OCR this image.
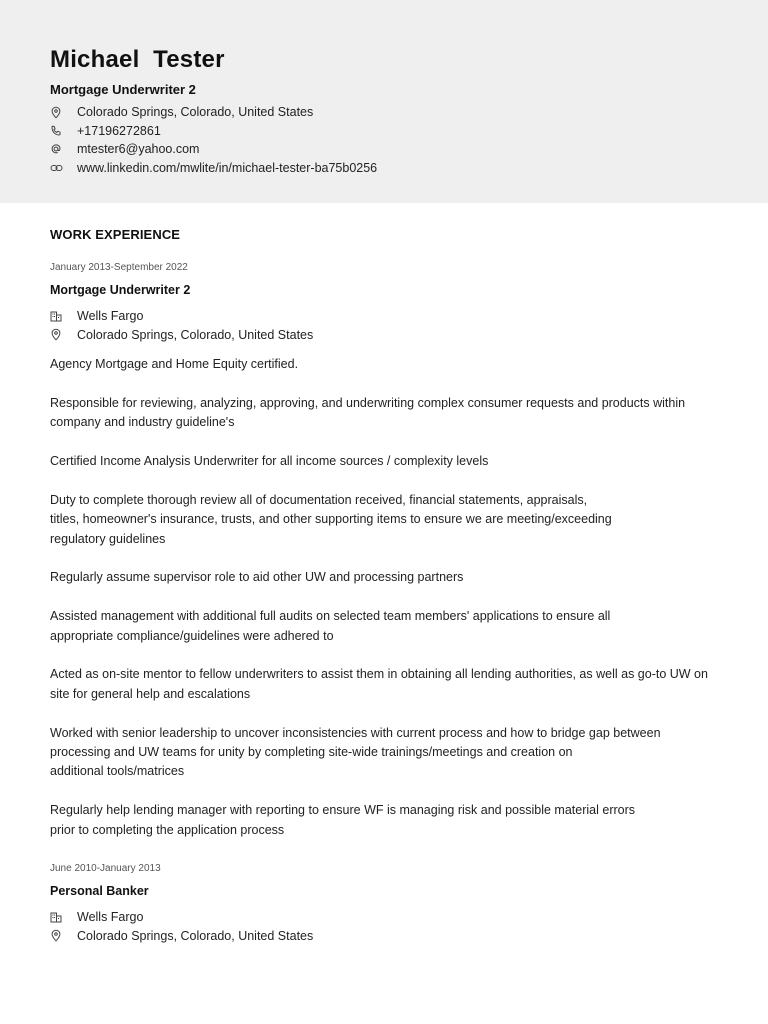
Michael  Tester
Mortgage Underwriter 2
Colorado Springs, Colorado, United States
+17196272861
mtester6@yahoo.com
www.linkedin.com/mwlite/in/michael-tester-ba75b0256
WORK EXPERIENCE
January 2013-September 2022
Mortgage Underwriter 2
Wells Fargo
Colorado Springs, Colorado, United States

Agency Mortgage and Home Equity certified.

Responsible for reviewing, analyzing, approving, and underwriting complex consumer requests and products within
company and industry guideline's

Certified Income Analysis Underwriter for all income sources / complexity levels

Duty to complete thorough review all of documentation received, financial statements, appraisals,
titles, homeowner's insurance, trusts, and other supporting items to ensure we are meeting/exceeding
regulatory guidelines

Regularly assume supervisor role to aid other UW and processing partners

Assisted management with additional full audits on selected team members' applications to ensure all
appropriate compliance/guidelines were adhered to

Acted as on-site mentor to fellow underwriters to assist them in obtaining all lending authorities, as well as go-to UW on
site for general help and escalations

Worked with senior leadership to uncover inconsistencies with current process and how to bridge gap between
processing and UW teams for unity by completing site-wide trainings/meetings and creation on
additional tools/matrices

Regularly help lending manager with reporting to ensure WF is managing risk and possible material errors
prior to completing the application process

June 2010-January 2013
Personal Banker
Wells Fargo
Colorado Springs, Colorado, United States
